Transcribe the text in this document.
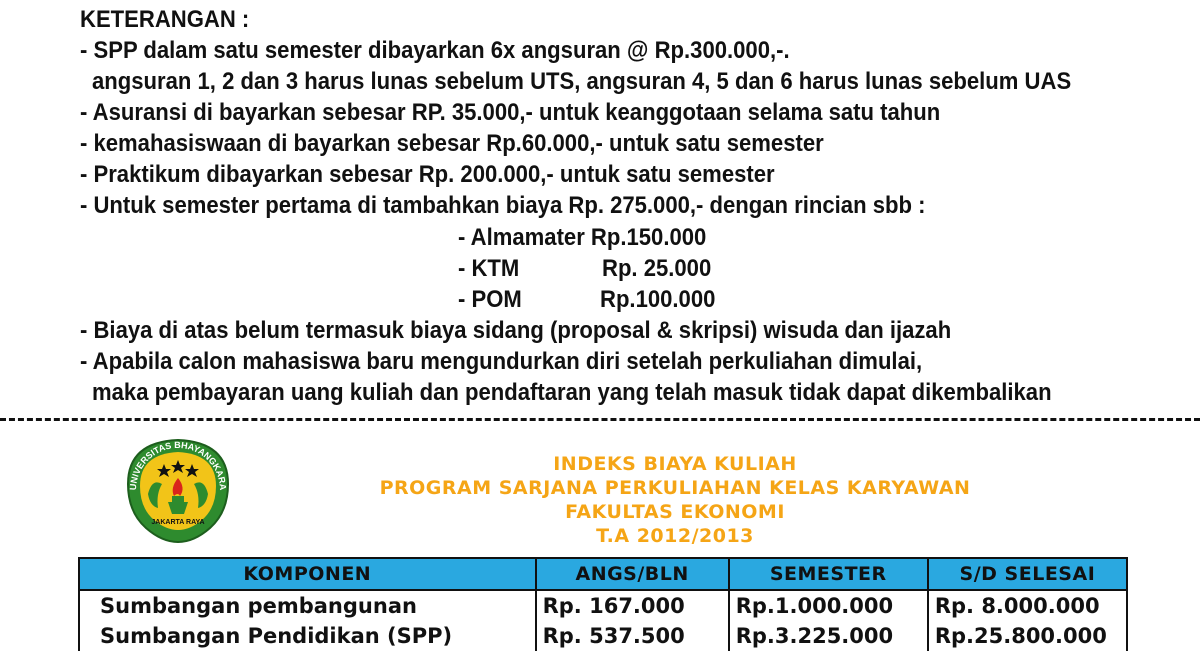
KETERANGAN :
- SPP dalam satu semester dibayarkan 6x angsuran @ Rp.300.000,-.
angsuran 1, 2 dan 3 harus lunas sebelum UTS, angsuran 4, 5 dan 6 harus lunas sebelum UAS
- Asuransi di bayarkan sebesar RP. 35.000,- untuk keanggotaan selama satu tahun
- kemahasiswaan di bayarkan sebesar Rp.60.000,- untuk satu semester
- Praktikum dibayarkan sebesar Rp. 200.000,- untuk satu semester
- Untuk semester pertama di tambahkan biaya Rp. 275.000,- dengan rincian sbb :
- Almamater Rp.150.000
- KTM	Rp. 25.000
- POM	Rp.100.000
- Biaya di atas belum termasuk biaya sidang (proposal & skripsi) wisuda dan ijazah
- Apabila calon mahasiswa baru mengundurkan diri setelah perkuliahan dimulai,
maka pembayaran uang kuliah dan pendaftaran yang telah masuk tidak dapat dikembalikan
UNIVERSITAS BHAYANGKARA
JAKARTA RAYA
INDEKS BIAYA KULIAH
PROGRAM SARJANA PERKULIAHAN KELAS KARYAWAN
FAKULTAS EKONOMI
T.A 2012/2013
KOMPONEN	ANGS/BLN	SEMESTER	S/D SELESAI
Sumbangan pembangunan	Rp. 167.000	Rp.1.000.000	Rp. 8.000.000
Sumbangan Pendidikan (SPP)	Rp. 537.500	Rp.3.225.000	Rp.25.800.000
